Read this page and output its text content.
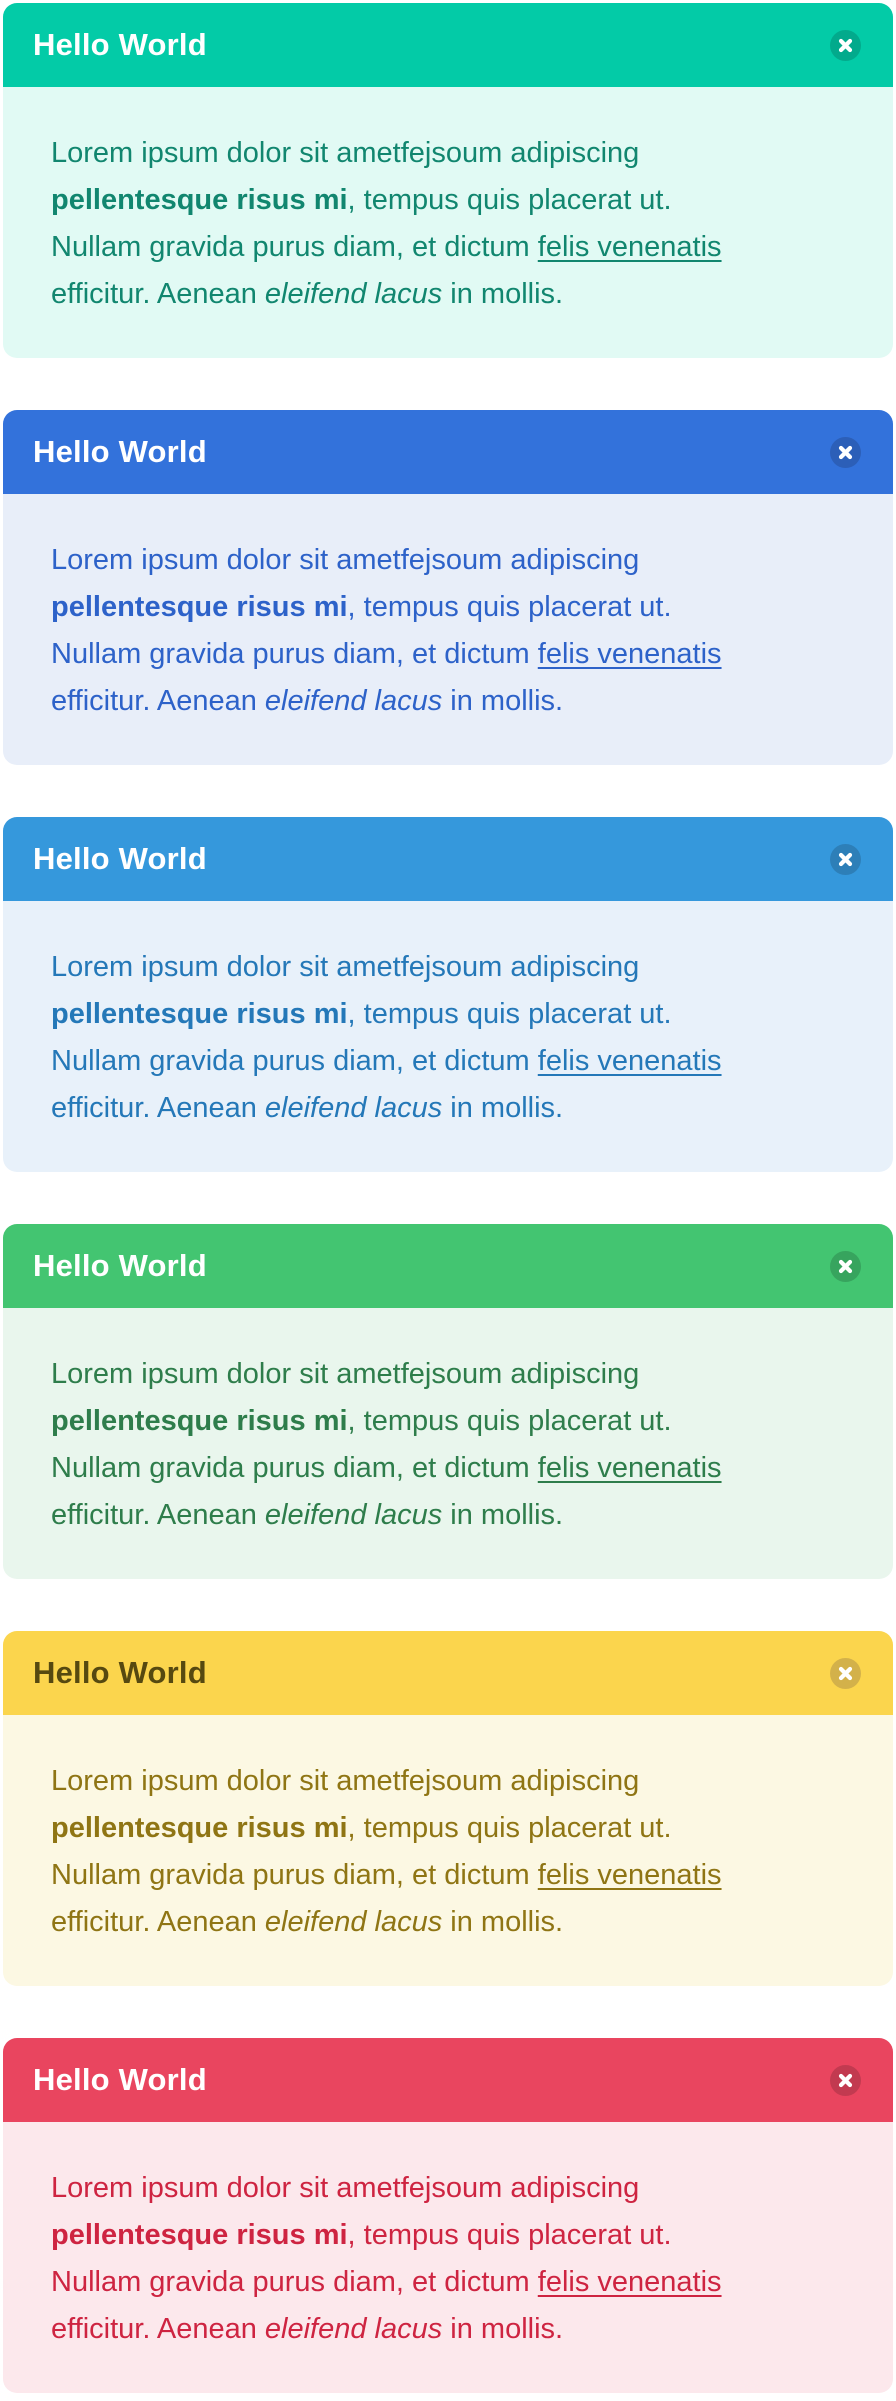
Hello World
Lorem ipsum dolor sit ametfejsoum adipiscing
pellentesque risus mi, tempus quis placerat ut.
Nullam gravida purus diam, et dictum felis venenatis
efficitur. Aenean eleifend lacus in mollis.
Hello World
Lorem ipsum dolor sit ametfejsoum adipiscing
pellentesque risus mi, tempus quis placerat ut.
Nullam gravida purus diam, et dictum felis venenatis
efficitur. Aenean eleifend lacus in mollis.
Hello World
Lorem ipsum dolor sit ametfejsoum adipiscing
pellentesque risus mi, tempus quis placerat ut.
Nullam gravida purus diam, et dictum felis venenatis
efficitur. Aenean eleifend lacus in mollis.
Hello World
Lorem ipsum dolor sit ametfejsoum adipiscing
pellentesque risus mi, tempus quis placerat ut.
Nullam gravida purus diam, et dictum felis venenatis
efficitur. Aenean eleifend lacus in mollis.
Hello World
Lorem ipsum dolor sit ametfejsoum adipiscing
pellentesque risus mi, tempus quis placerat ut.
Nullam gravida purus diam, et dictum felis venenatis
efficitur. Aenean eleifend lacus in mollis.
Hello World
Lorem ipsum dolor sit ametfejsoum adipiscing
pellentesque risus mi, tempus quis placerat ut.
Nullam gravida purus diam, et dictum felis venenatis
efficitur. Aenean eleifend lacus in mollis.
